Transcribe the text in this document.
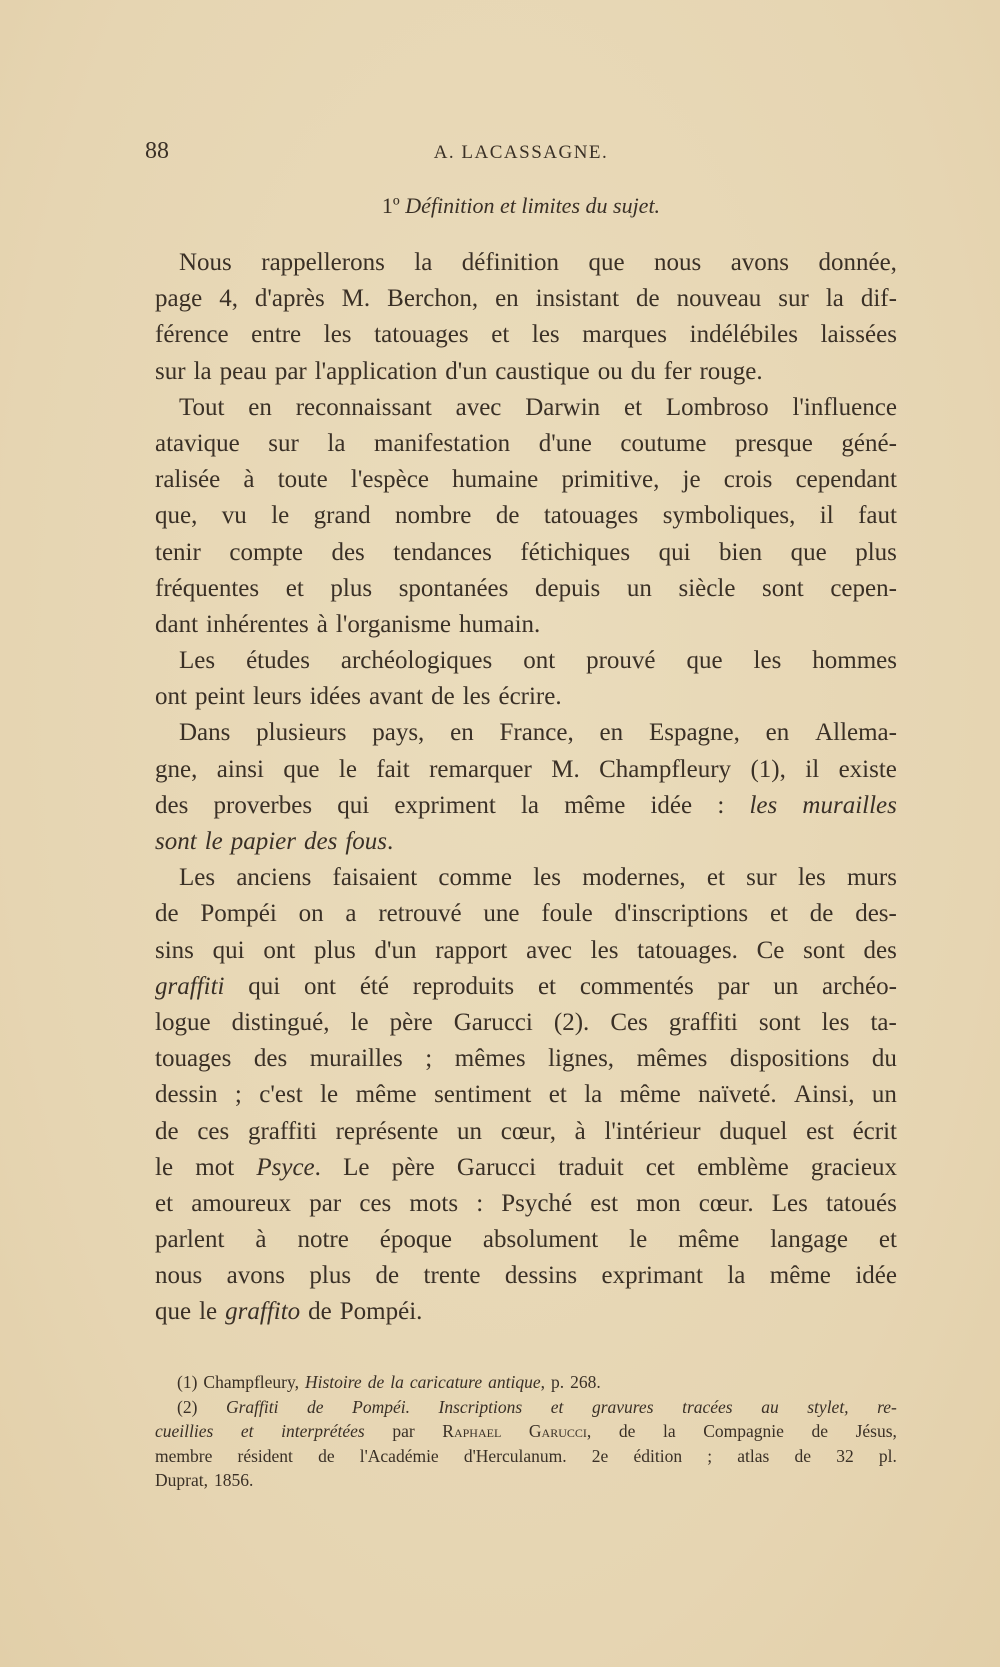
88	A. LACASSAGNE.
1º Définition et limites du sujet.
Nous rappellerons la définition que nous avons donnée,
page 4, d'après M. Berchon, en insistant de nouveau sur la dif-
férence entre les tatouages et les marques indélébiles laissées
sur la peau par l'application d'un caustique ou du fer rouge.
Tout en reconnaissant avec Darwin et Lombroso l'influence
atavique sur la manifestation d'une coutume presque géné-
ralisée à toute l'espèce humaine primitive, je crois cependant
que, vu le grand nombre de tatouages symboliques, il faut
tenir compte des tendances fétichiques qui bien que plus
fréquentes et plus spontanées depuis un siècle sont cepen-
dant inhérentes à l'organisme humain.
Les études archéologiques ont prouvé que les hommes
ont peint leurs idées avant de les écrire.
Dans plusieurs pays, en France, en Espagne, en Allema-
gne, ainsi que le fait remarquer M. Champfleury (1), il existe
des proverbes qui expriment la même idée : les murailles
sont le papier des fous.
Les anciens faisaient comme les modernes, et sur les murs
de Pompéi on a retrouvé une foule d'inscriptions et de des-
sins qui ont plus d'un rapport avec les tatouages. Ce sont des
graffiti qui ont été reproduits et commentés par un archéo-
logue distingué, le père Garucci (2). Ces graffiti sont les ta-
touages des murailles ; mêmes lignes, mêmes dispositions du
dessin ; c'est le même sentiment et la même naïveté. Ainsi, un
de ces graffiti représente un cœur, à l'intérieur duquel est écrit
le mot Psyce. Le père Garucci traduit cet emblème gracieux
et amoureux par ces mots : Psyché est mon cœur. Les tatoués
parlent à notre époque absolument le même langage et
nous avons plus de trente dessins exprimant la même idée
que le graffito de Pompéi.
(1) Champfleury, Histoire de la caricature antique, p. 268.
(2) Graffiti de Pompéi. Inscriptions et gravures tracées au stylet, re-
cueillies et interprétées par Raphael Garucci, de la Compagnie de Jésus,
membre résident de l'Académie d'Herculanum. 2e édition ; atlas de 32 pl.
Duprat, 1856.
